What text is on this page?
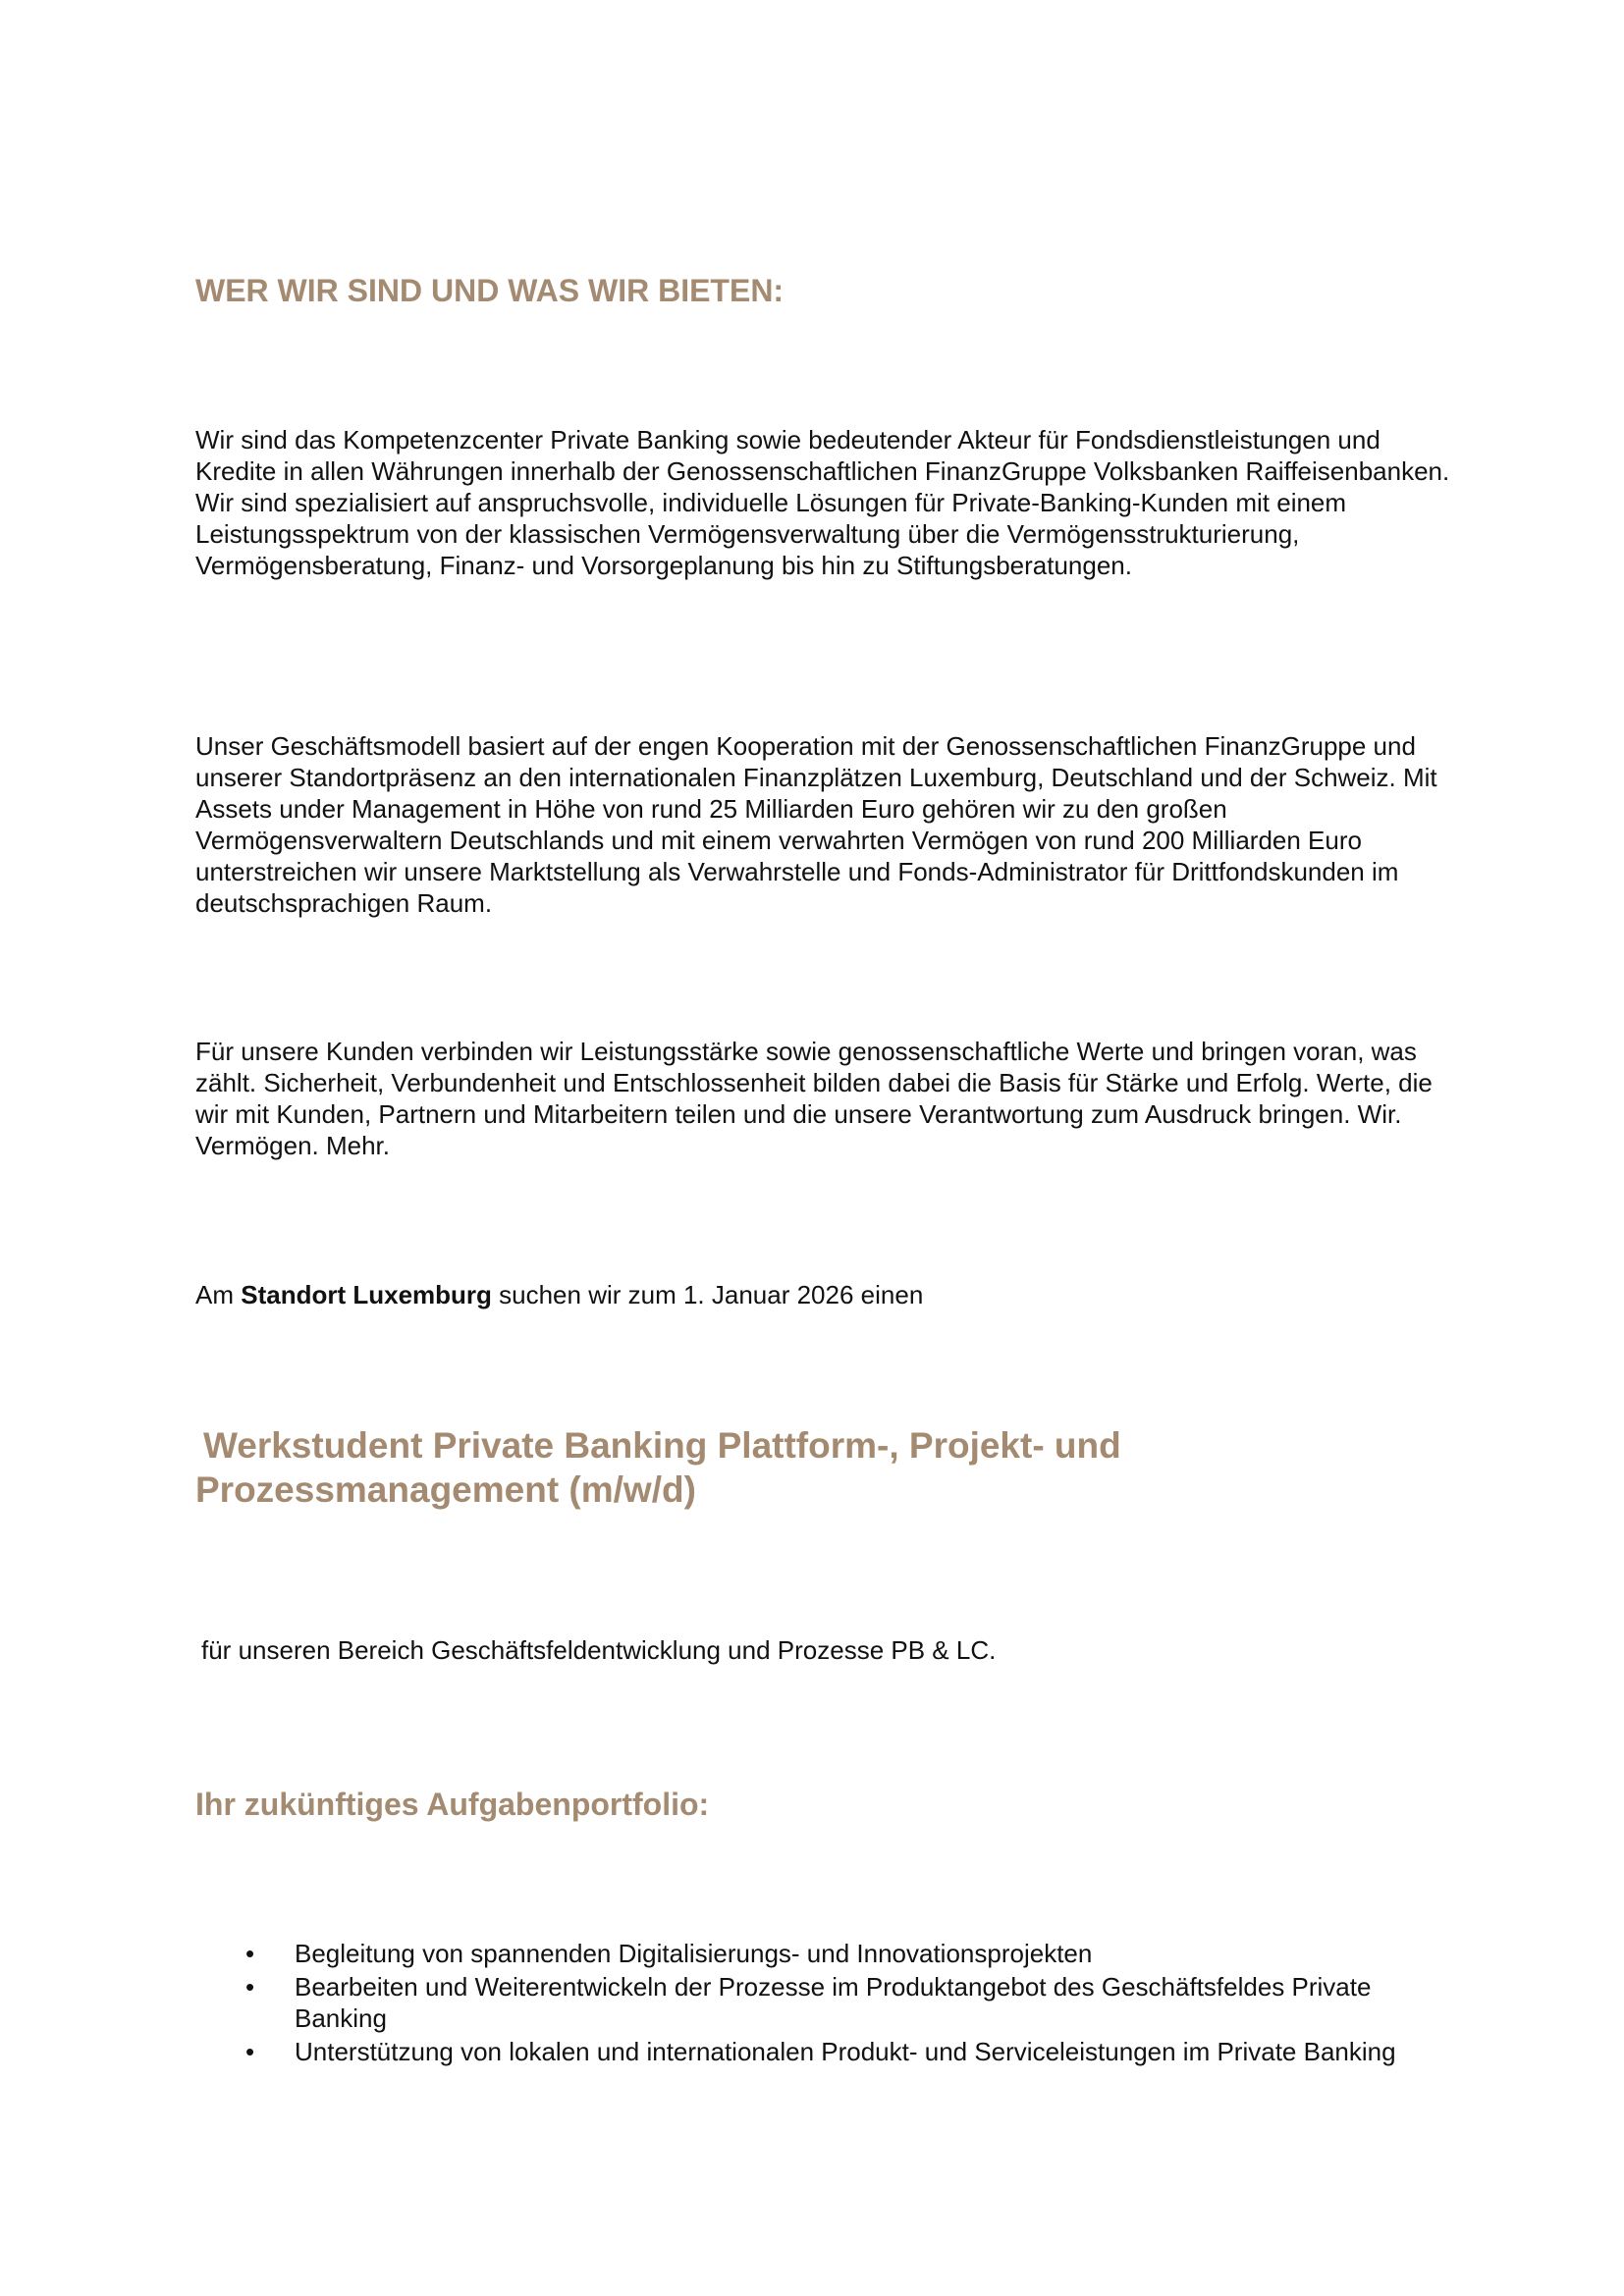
WER WIR SIND UND WAS WIR BIETEN:

Wir sind das Kompetenzcenter Private Banking sowie bedeutender Akteur für Fondsdienstleistungen und Kredite in allen Währungen innerhalb der Genossenschaftlichen FinanzGruppe Volksbanken Raiffeisenbanken. Wir sind spezialisiert auf anspruchsvolle, individuelle Lösungen für Private-Banking-Kunden mit einem Leistungsspektrum von der klassischen Vermögensverwaltung über die Vermögensstrukturierung, Vermögensberatung, Finanz- und Vorsorgeplanung bis hin zu Stiftungsberatungen.

Unser Geschäftsmodell basiert auf der engen Kooperation mit der Genossenschaftlichen FinanzGruppe und unserer Standortpräsenz an den internationalen Finanzplätzen Luxemburg, Deutschland und der Schweiz. Mit Assets under Management in Höhe von rund 25 Milliarden Euro gehören wir zu den großen Vermögensverwaltern Deutschlands und mit einem verwahrten Vermögen von rund 200 Milliarden Euro unterstreichen wir unsere Marktstellung als Verwahrstelle und Fonds-Administrator für Drittfondskunden im deutschsprachigen Raum.

Für unsere Kunden verbinden wir Leistungsstärke sowie genossenschaftliche Werte und bringen voran, was zählt. Sicherheit, Verbundenheit und Entschlossenheit bilden dabei die Basis für Stärke und Erfolg. Werte, die wir mit Kunden, Partnern und Mitarbeitern teilen und die unsere Verantwortung zum Ausdruck bringen. Wir. Vermögen. Mehr.

Am Standort Luxemburg suchen wir zum 1. Januar 2026 einen

Werkstudent Private Banking Plattform-, Projekt- und
Prozessmanagement (m/w/d)

für unseren Bereich Geschäftsfeldentwicklung und Prozesse PB & LC.

Ihr zukünftiges Aufgabenportfolio:
• Begleitung von spannenden Digitalisierungs- und Innovationsprojekten
• Bearbeiten und Weiterentwickeln der Prozesse im Produktangebot des Geschäftsfeldes Private Banking
• Unterstützung von lokalen und internationalen Produkt- und Serviceleistungen im Private Banking
